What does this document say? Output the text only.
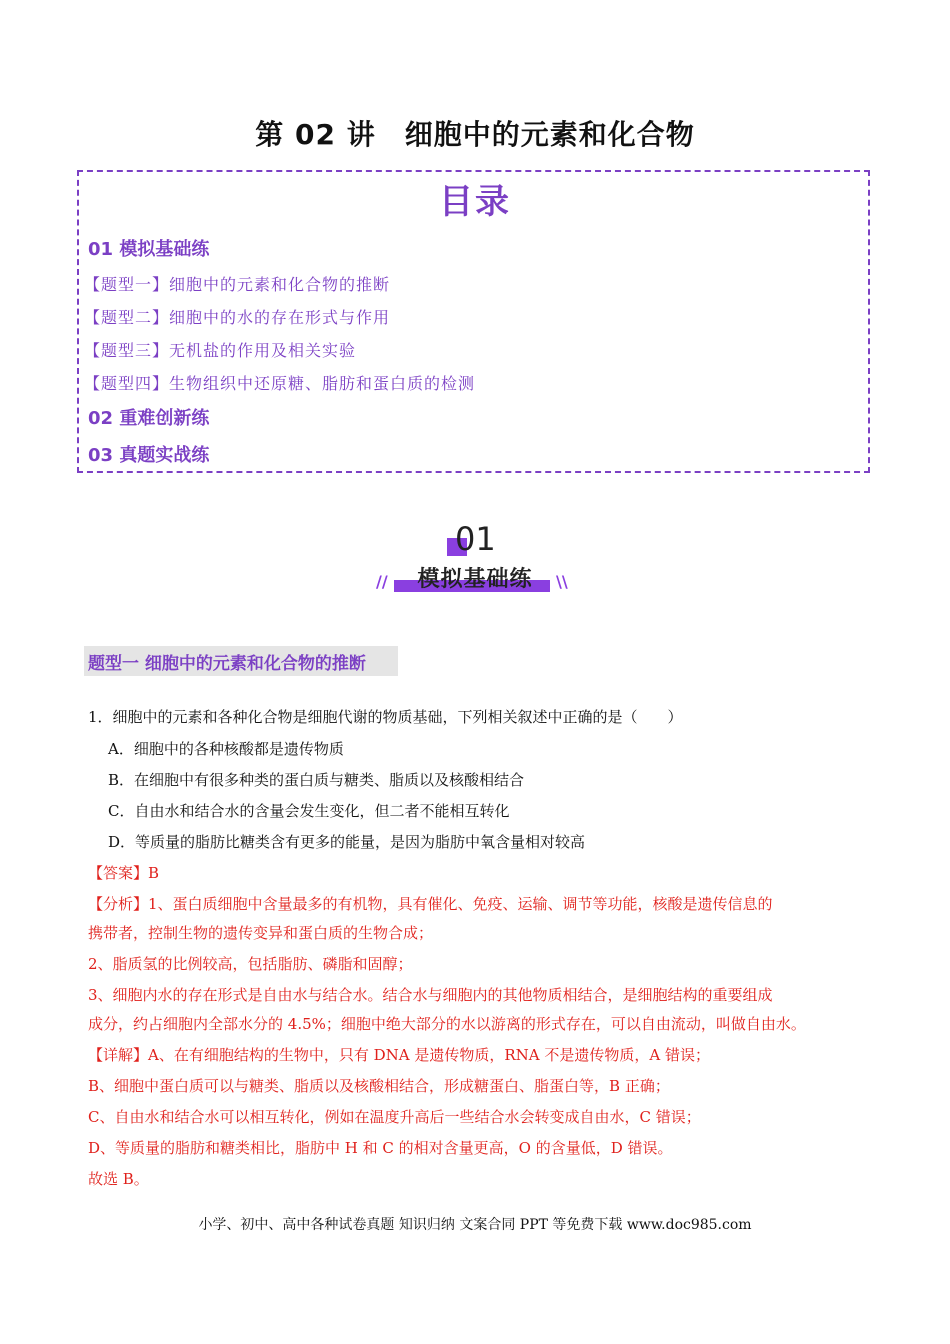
第 02 讲　细胞中的元素和化合物
目录
01 模拟基础练
【题型一】细胞中的元素和化合物的推断
【题型二】细胞中的水的存在形式与作用
【题型三】无机盐的作用及相关实验
【题型四】生物组织中还原糖、脂肪和蛋白质的检测
02 重难创新练
03 真题实战练
01
模拟基础练
//	\\
题型一 细胞中的元素和化合物的推断
1．细胞中的元素和各种化合物是细胞代谢的物质基础，下列相关叙述中正确的是（　　）
A．细胞中的各种核酸都是遗传物质
B．在细胞中有很多种类的蛋白质与糖类、脂质以及核酸相结合
C．自由水和结合水的含量会发生变化，但二者不能相互转化
D．等质量的脂肪比糖类含有更多的能量，是因为脂肪中氧含量相对较高
【答案】B
【分析】1、蛋白质细胞中含量最多的有机物，具有催化、免疫、运输、调节等功能，核酸是遗传信息的
携带者，控制生物的遗传变异和蛋白质的生物合成；
2、脂质氢的比例较高，包括脂肪、磷脂和固醇；
3、细胞内水的存在形式是自由水与结合水。结合水与细胞内的其他物质相结合，是细胞结构的重要组成
成分，约占细胞内全部水分的 4.5%；细胞中绝大部分的水以游离的形式存在，可以自由流动，叫做自由水。
【详解】A、在有细胞结构的生物中，只有 DNA 是遗传物质，RNA 不是遗传物质，A 错误；
B、细胞中蛋白质可以与糖类、脂质以及核酸相结合，形成糖蛋白、脂蛋白等，B 正确；
C、自由水和结合水可以相互转化，例如在温度升高后一些结合水会转变成自由水，C 错误；
D、等质量的脂肪和糖类相比，脂肪中 H 和 C 的相对含量更高，O 的含量低，D 错误。
故选 B。
小学、初中、高中各种试卷真题 知识归纳 文案合同 PPT 等免费下载 www.doc985.com
